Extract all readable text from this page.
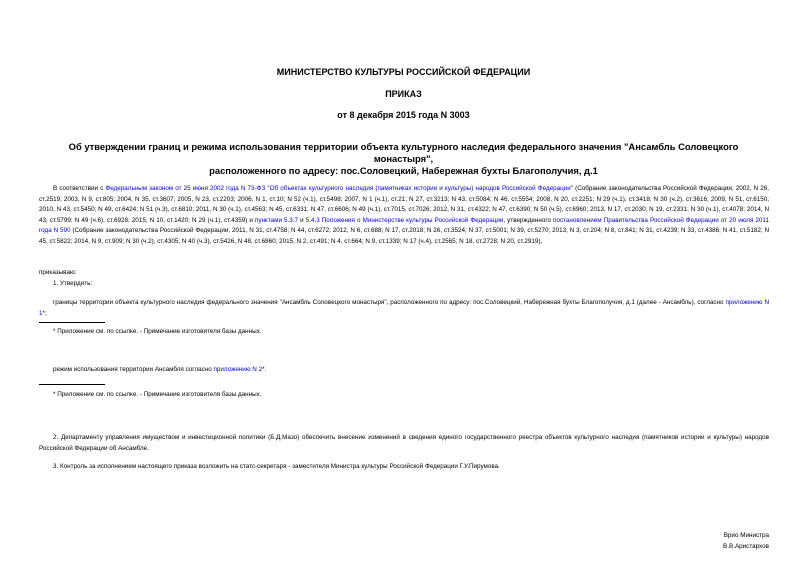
МИНИСТЕРСТВО КУЛЬТУРЫ РОССИЙСКОЙ ФЕДЕРАЦИИ
ПРИКАЗ
от 8 декабря 2015 года N 3003
Об утверждении границ и режима использования территории объекта культурного наследия федерального значения "Ансамбль Соловецкого монастыря",
расположенного по адресу: пос.Соловецкий, Набережная бухты Благополучия, д.1
В соответствии с Федеральным законом от 25 июня 2002 года N 73-ФЗ "Об объектах культурного наследия (памятниках истории и культуры) народов Российской Федерации" (Собрание законодательства Российской Федерации, 2002, N 26, ст.2519; 2003, N 9, ст.805; 2004, N 35, ст.3607; 2005, N 23, ст.2203; 2006, N 1, ст.10; N 52 (ч.1), ст.5498; 2007, N 1 (ч.1), ст.21; N 27, ст.3213; N 43, ст.5084; N 46, ст.5554; 2008, N 20, ст.2251; N 29 (ч.1), ст.3418; N 30 (ч.2), ст.3616; 2009, N 51, ст.6150; 2010, N 43, ст.5450; N 49, ст.6424; N 51 (ч.3), ст.6810; 2011, N 30 (ч.1), ст.4563; N 45, ст.6331; N 47, ст.6606; N 49 (ч.1), ст.7015, ст.7026; 2012, N 31, ст.4322; N 47, ст.6390; N 50 (ч.5), ст.6960; 2013, N 17, ст.2030; N 19, ст.2331; N 30 (ч.1), ст.4078; 2014, N 43, ст.5799; N 49 (ч.6), ст.6928; 2015, N 10, ст.1420; N 29 (ч.1), ст.4359) и пунктами 5.3.7 и 5.4.3 Положения о Министерстве культуры Российской Федерации, утвержденного постановлением Правительства Российской Федерации от 20 июля 2011 года N 590 (Собрание законодательства Российской Федерации, 2011, N 31, ст.4758; N 44, ст.6272; 2012, N 6, ст.688; N 17, ст.2018; N 26, ст.3524; N 37, ст.5001; N 39, ст.5270; 2013, N 3, ст.204; N 8, ст.841; N 31, ст.4239; N 33, ст.4386; N 41, ст.5182; N 45, ст.5822; 2014, N 9, ст.909; N 30 (ч.2), ст.4305; N 40 (ч.3), ст.5426, N 48, ст.6860; 2015, N 2, ст.491; N 4, ст.664; N 9, ст.1339; N 17 (ч.4), ст.2565; N 18, ст.2728; N 20, ст.2919),
приказываю:
1. Утвердить:
границы территории объекта культурного наследия федерального значения "Ансамбль Соловецкого монастыря", расположенного по адресу: пос.Соловецкий, Набережная бухты Благополучия, д.1 (далее - Ансамбль), согласно приложению N 1*;
* Приложение см. по ссылке. - Примечание изготовителя базы данных.
режим использования территории Ансамбля согласно приложению N 2*.
* Приложение см. по ссылке. - Примечание изготовителя базы данных.
2. Департаменту управления имуществом и инвестиционной политики (Б.Д.Мазо) обеспечить внесение изменений в сведения единого государственного реестра объектов культурного наследия (памятников истории и культуры) народов Российской Федерации об Ансамбле.
3. Контроль за исполнением настоящего приказа возложить на статс-секретаря - заместителя Министра культуры Российской Федерации Г.У.Пирумова.
Врио Министра
В.В.Аристархов
